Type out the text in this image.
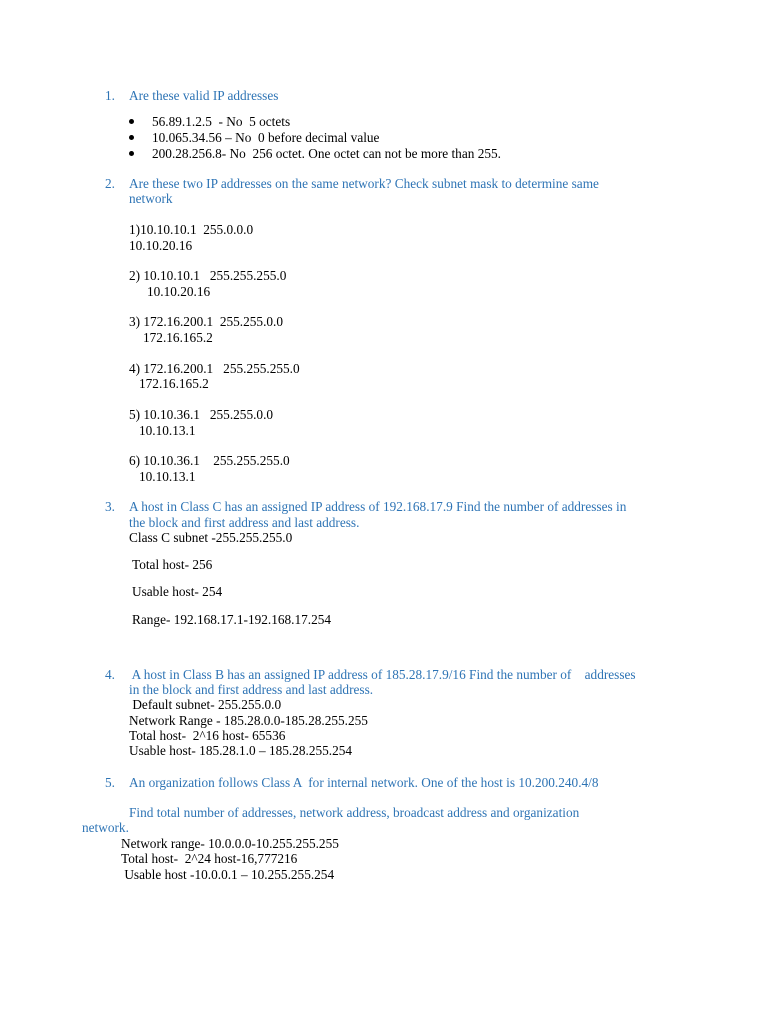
1. Are these valid IP addresses
56.89.1.2.5  - No  5 octets
10.065.34.56 – No  0 before decimal value
200.28.256.8- No  256 octet. One octet can not be more than 255.
2. Are these two IP addresses on the same network? Check subnet mask to determine same
network
1)10.10.10.1  255.0.0.0
10.10.20.16
2) 10.10.10.1   255.255.255.0
10.10.20.16
3) 172.16.200.1  255.255.0.0
172.16.165.2
4) 172.16.200.1   255.255.255.0
172.16.165.2
5) 10.10.36.1   255.255.0.0
10.10.13.1
6) 10.10.36.1    255.255.255.0
10.10.13.1
3. A host in Class C has an assigned IP address of 192.168.17.9 Find the number of addresses in
the block and first address and last address.
Class C subnet -255.255.255.0
Total host- 256
Usable host- 254
Range- 192.168.17.1-192.168.17.254
4. A host in Class B has an assigned IP address of 185.28.17.9/16 Find the number of    addresses
in the block and first address and last address.
Default subnet- 255.255.0.0
Network Range - 185.28.0.0-185.28.255.255
Total host-  2^16 host- 65536
Usable host- 185.28.1.0 – 185.28.255.254
5. An organization follows Class A  for internal network. One of the host is 10.200.240.4/8
Find total number of addresses, network address, broadcast address and organization
network.
Network range- 10.0.0.0-10.255.255.255
Total host-  2^24 host-16,777216
Usable host -10.0.0.1 – 10.255.255.254
